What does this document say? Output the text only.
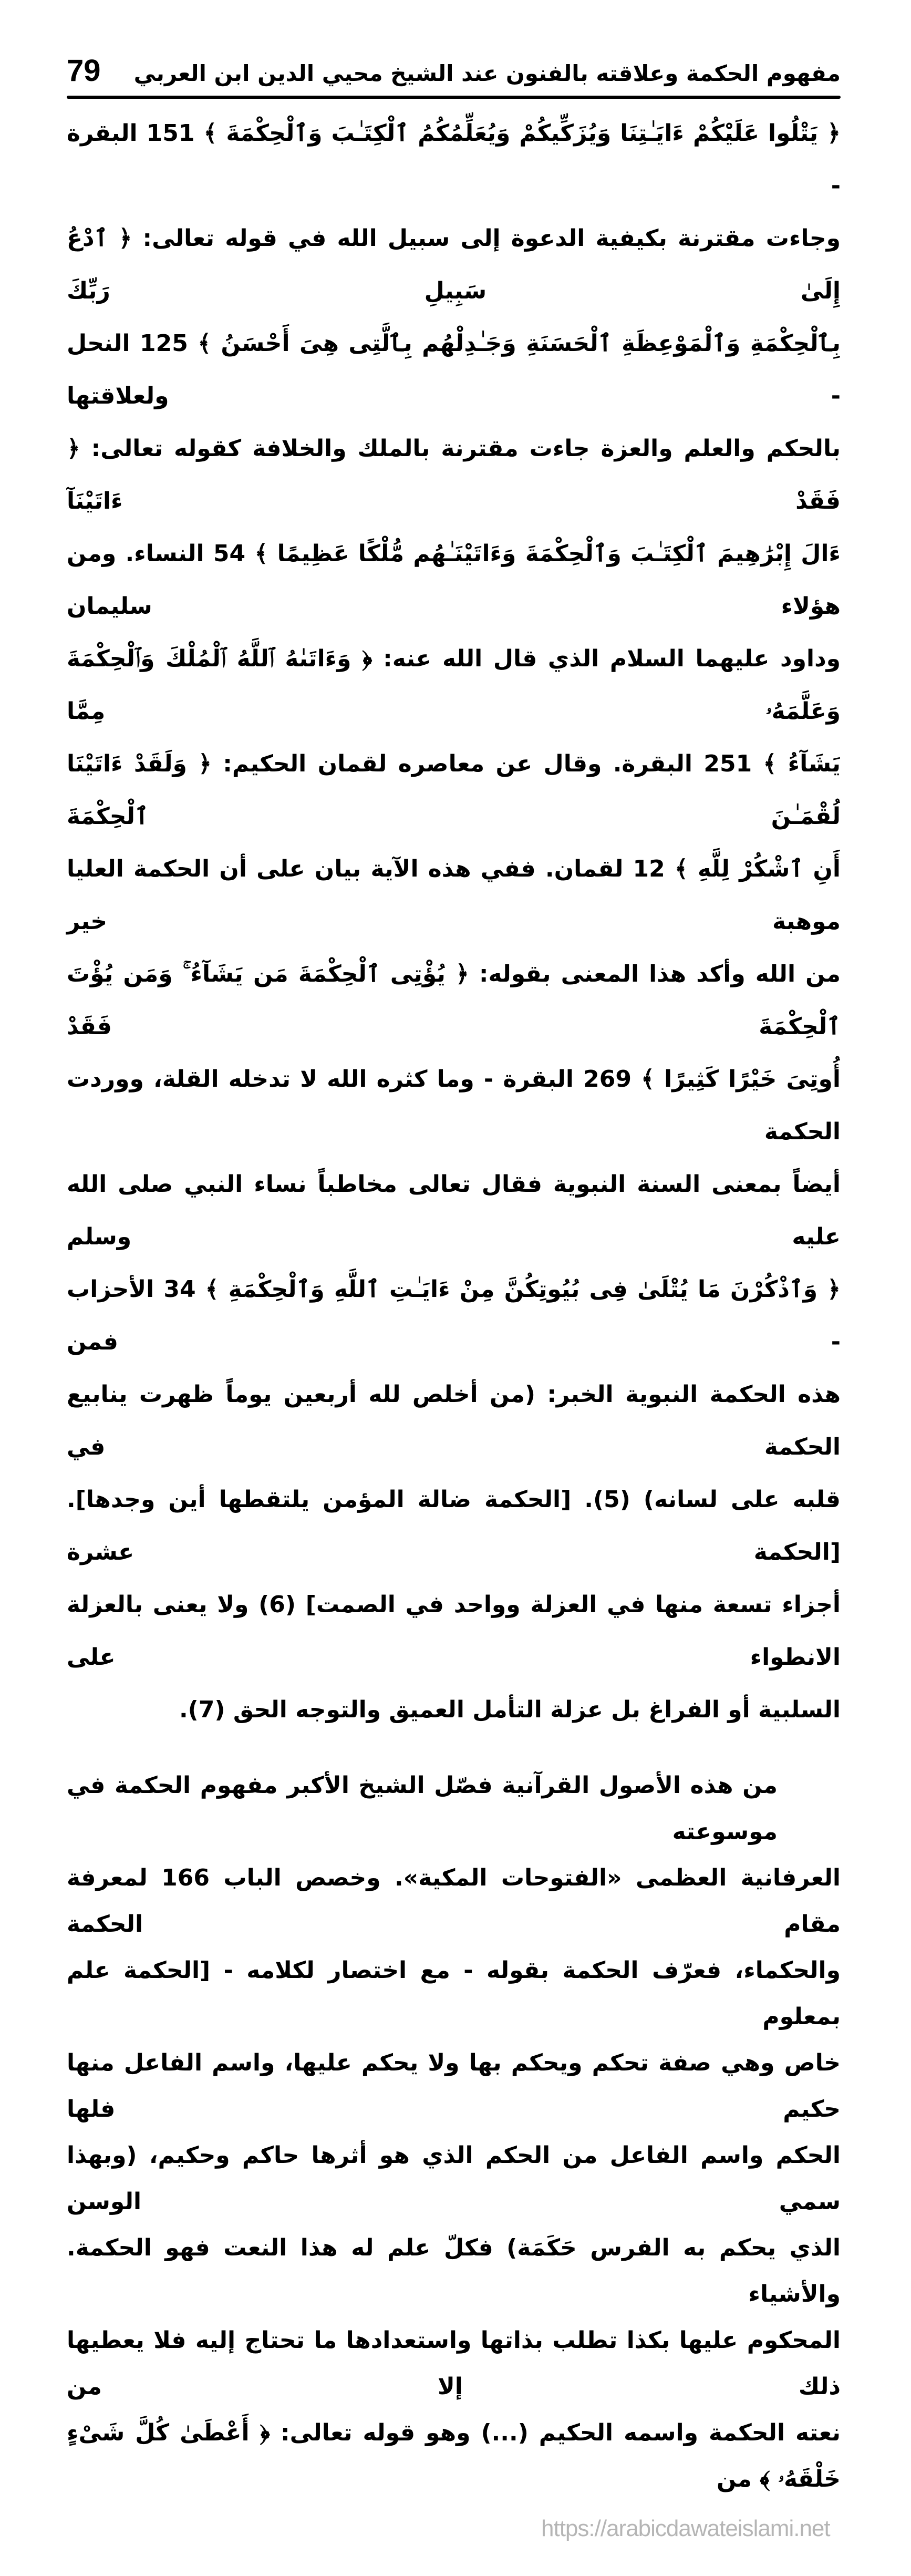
79	مفهوم الحكمة وعلاقته بالفنون عند الشيخ محيي الدين ابن العربي
﴿ يَتْلُوا عَلَيْكُمْ ءَايَـٰتِنَا وَيُزَكِّيكُمْ وَيُعَلِّمُكُمُ ٱلْكِتَـٰبَ وَٱلْحِكْمَةَ ﴾ 151 البقرة -
وجاءت مقترنة بكيفية الدعوة إلى سبيل الله في قوله تعالى: ﴿ ٱدْعُ إِلَىٰ سَبِيلِ رَبِّكَ
بِٱلْحِكْمَةِ وَٱلْمَوْعِظَةِ ٱلْحَسَنَةِ وَجَـٰدِلْهُم بِٱلَّتِى هِىَ أَحْسَنُ ﴾ 125 النحل - ولعلاقتها
بالحكم والعلم والعزة جاءت مقترنة بالملك والخلافة كقوله تعالى: ﴿ فَقَدْ ءَاتَيْنَآ
ءَالَ إِبْرَٰهِيمَ ٱلْكِتَـٰبَ وَٱلْحِكْمَةَ وَءَاتَيْنَـٰهُم مُّلْكًا عَظِيمًا ﴾ 54 النساء. ومن هؤلاء سليمان
وداود عليهما السلام الذي قال الله عنه: ﴿ وَءَاتَىٰهُ ٱللَّهُ ٱلْمُلْكَ وَٱلْحِكْمَةَ وَعَلَّمَهُۥ مِمَّا
يَشَآءُ ﴾ 251 البقرة. وقال عن معاصره لقمان الحكيم: ﴿ وَلَقَدْ ءَاتَيْنَا لُقْمَـٰنَ ٱلْحِكْمَةَ
أَنِ ٱشْكُرْ لِلَّهِ ﴾ 12 لقمان. ففي هذه الآية بيان على أن الحكمة العليا موهبة خير
من الله وأكد هذا المعنى بقوله: ﴿ يُؤْتِى ٱلْحِكْمَةَ مَن يَشَآءُ ۚ وَمَن يُؤْتَ ٱلْحِكْمَةَ فَقَدْ
أُوتِىَ خَيْرًا كَثِيرًا ﴾ 269 البقرة - وما كثره الله لا تدخله القلة، ووردت الحكمة
أيضاً بمعنى السنة النبوية فقال تعالى مخاطباً نساء النبي صلى الله عليه وسلم
﴿ وَٱذْكُرْنَ مَا يُتْلَىٰ فِى بُيُوتِكُنَّ مِنْ ءَايَـٰتِ ٱللَّهِ وَٱلْحِكْمَةِ ﴾ 34 الأحزاب - فمن
هذه الحكمة النبوية الخبر: (من أخلص لله أربعين يوماً ظهرت ينابيع الحكمة في
قلبه على لسانه) (5). [الحكمة ضالة المؤمن يلتقطها أين وجدها]. [الحكمة عشرة
أجزاء تسعة منها في العزلة وواحد في الصمت] (6) ولا يعنى بالعزلة الانطواء على
السلبية أو الفراغ بل عزلة التأمل العميق والتوجه الحق (7).
من هذه الأصول القرآنية فصّل الشيخ الأكبر مفهوم الحكمة في موسوعته
العرفانية العظمى «الفتوحات المكية». وخصص الباب 166 لمعرفة مقام الحكمة
والحكماء، فعرّف الحكمة بقوله - مع اختصار لكلامه - [الحكمة علم بمعلوم
خاص وهي صفة تحكم ويحكم بها ولا يحكم عليها، واسم الفاعل منها حكيم فلها
الحكم واسم الفاعل من الحكم الذي هو أثرها حاكم وحكيم، (وبهذا سمي الوسن
الذي يحكم به الفرس حَكَمَة) فكلّ علم له هذا النعت فهو الحكمة. والأشياء
المحكوم عليها بكذا تطلب بذاتها واستعدادها ما تحتاج إليه فلا يعطيها ذلك إلا من
نعته الحكمة واسمه الحكيم (...) وهو قوله تعالى: ﴿ أَعْطَىٰ كُلَّ شَىْءٍ خَلْقَهُۥ ﴾ من
https://arabicdawateislami.net
